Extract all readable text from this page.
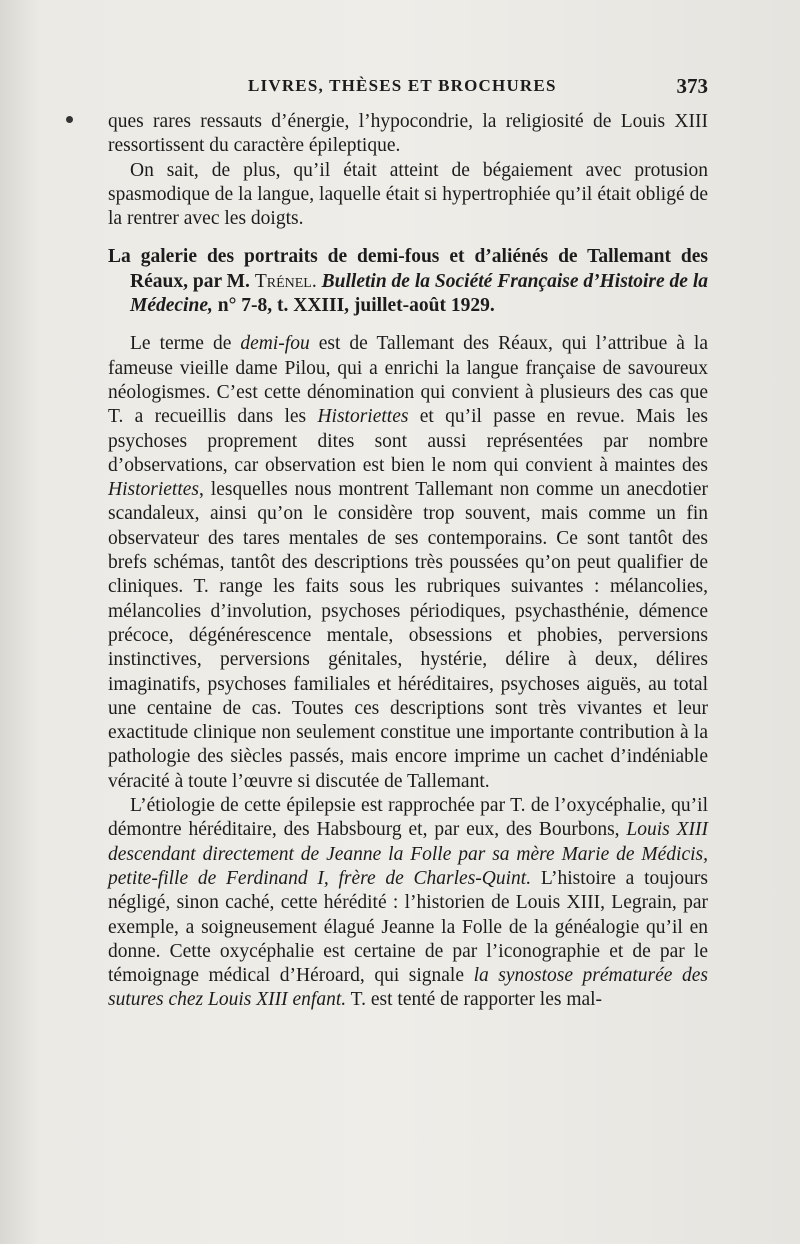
LIVRES, THÈSES ET BROCHURES	373

ques rares ressauts d’énergie, l’hypocondrie, la religiosité de Louis XIII ressortissent du caractère épileptique.

On sait, de plus, qu’il était atteint de bégaiement avec protusion spasmodique de la langue, laquelle était si hypertrophiée qu’il était obligé de la rentrer avec les doigts.

La galerie des portraits de demi-fous et d’aliénés de Tallemant des Réaux, par M. Trénel. Bulletin de la Société Française d’Histoire de la Médecine, n° 7-8, t. XXIII, juillet-août 1929.

Le terme de demi-fou est de Tallemant des Réaux, qui l’attribue à la fameuse vieille dame Pilou, qui a enrichi la langue française de savoureux néologismes. C’est cette dénomination qui convient à plusieurs des cas que T. a recueillis dans les Historiettes et qu’il passe en revue. Mais les psychoses proprement dites sont aussi représentées par nombre d’observations, car observation est bien le nom qui convient à maintes des Historiettes, lesquelles nous montrent Tallemant non comme un anecdotier scandaleux, ainsi qu’on le considère trop souvent, mais comme un fin observateur des tares mentales de ses contemporains. Ce sont tantôt des brefs schémas, tantôt des descriptions très poussées qu’on peut qualifier de cliniques. T. range les faits sous les rubriques suivantes : mélancolies, mélancolies d’involution, psychoses périodiques, psychasthénie, démence précoce, dégénérescence mentale, obsessions et phobies, perversions instinctives, perversions génitales, hystérie, délire à deux, délires imaginatifs, psychoses familiales et héréditaires, psychoses aiguës, au total une centaine de cas. Toutes ces descriptions sont très vivantes et leur exactitude clinique non seulement constitue une importante contribution à la pathologie des siècles passés, mais encore imprime un cachet d’indéniable véracité à toute l’œuvre si discutée de Tallemant.

L’étiologie de cette épilepsie est rapprochée par T. de l’oxycéphalie, qu’il démontre héréditaire, des Habsbourg et, par eux, des Bourbons, Louis XIII descendant directement de Jeanne la Folle par sa mère Marie de Médicis, petite-fille de Ferdinand I, frère de Charles-Quint. L’histoire a toujours négligé, sinon caché, cette hérédité : l’historien de Louis XIII, Legrain, par exemple, a soigneusement élagué Jeanne la Folle de la généalogie qu’il en donne. Cette oxycéphalie est certaine de par l’iconographie et de par le témoignage médical d’Héroard, qui signale la synostose prématurée des sutures chez Louis XIII enfant. T. est tenté de rapporter les mal-
